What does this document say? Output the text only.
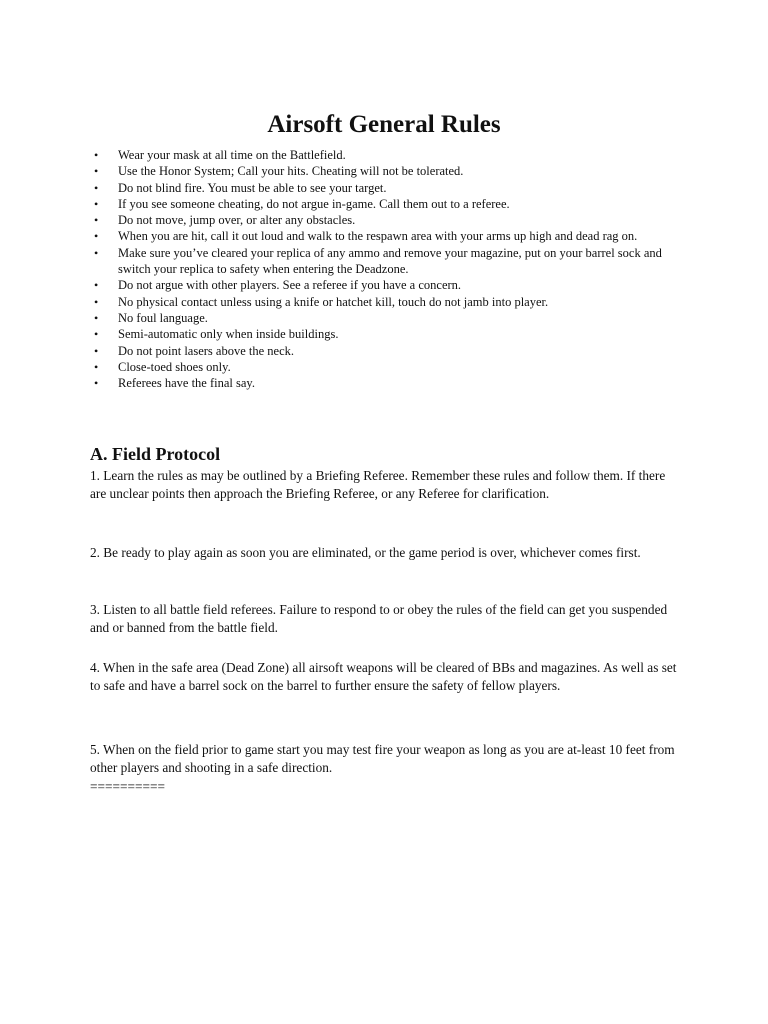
Airsoft General Rules
• Wear your mask at all time on the Battlefield.
• Use the Honor System; Call your hits. Cheating will not be tolerated.
• Do not blind fire. You must be able to see your target.
• If you see someone cheating, do not argue in-game. Call them out to a referee.
• Do not move, jump over, or alter any obstacles.
• When you are hit, call it out loud and walk to the respawn area with your arms up high and dead rag on.
• Make sure you’ve cleared your replica of any ammo and remove your magazine, put on your barrel sock and switch your replica to safety when entering the Deadzone.
• Do not argue with other players. See a referee if you have a concern.
• No physical contact unless using a knife or hatchet kill, touch do not jamb into player.
• No foul language.
• Semi-automatic only when inside buildings.
• Do not point lasers above the neck.
• Close-toed shoes only.
• Referees have the final say.
A. Field Protocol

1. Learn the rules as may be outlined by a Briefing Referee. Remember these rules and follow them. If there are unclear points then approach the Briefing Referee, or any Referee for clarification.

2. Be ready to play again as soon you are eliminated, or the game period is over, whichever comes first.

3. Listen to all battle field referees. Failure to respond to or obey the rules of the field can get you suspended and or banned from the battle field.

4. When in the safe area (Dead Zone) all airsoft weapons will be cleared of BBs and magazines. As well as set to safe and have a barrel sock on the barrel to further ensure the safety of fellow players.

5. When on the field prior to game start you may test fire your weapon as long as you are at-least 10 feet from other players and shooting in a safe direction.

==========
